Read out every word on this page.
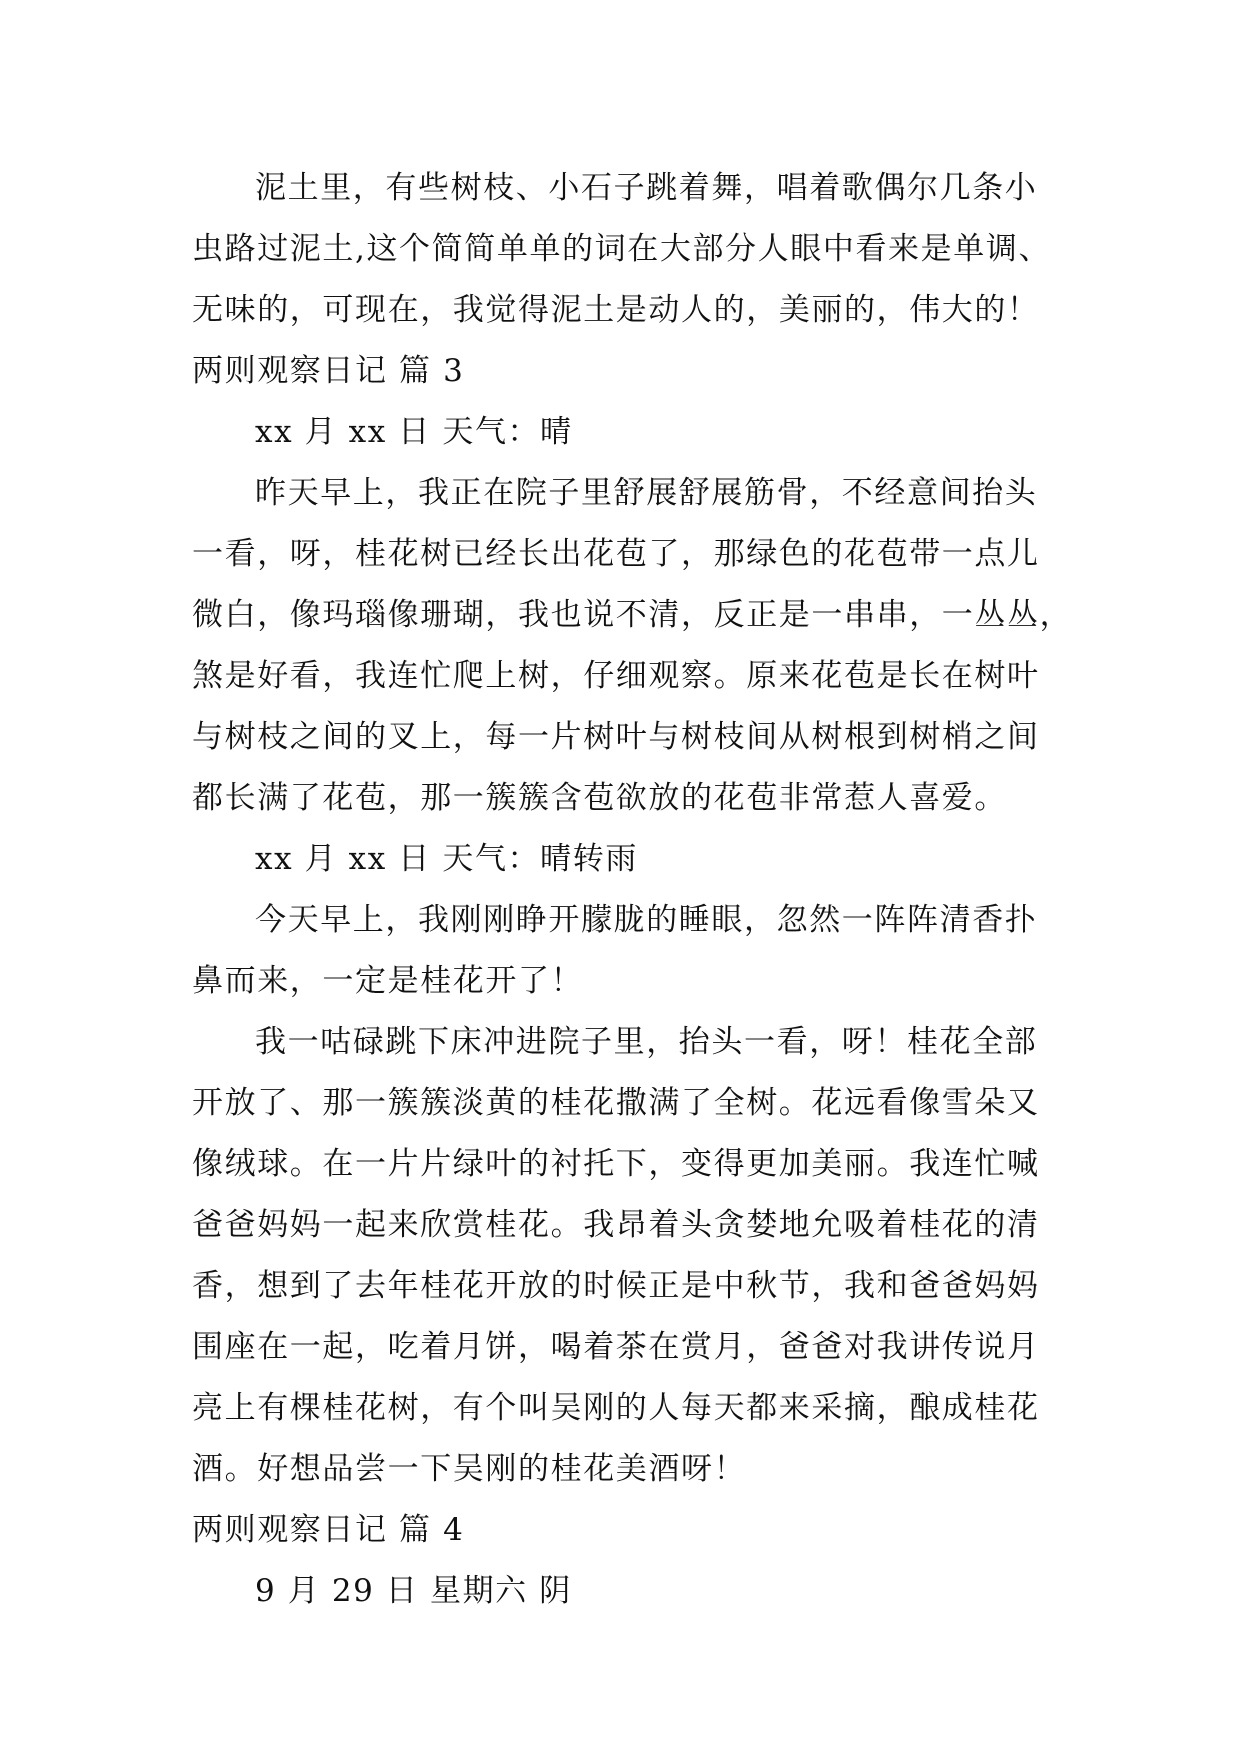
泥土里，有些树枝、小石子跳着舞，唱着歌偶尔几条小
虫路过泥土,这个简简单单的词在大部分人眼中看来是单调、
无味的，可现在，我觉得泥土是动人的，美丽的，伟大的！
两则观察日记 篇 3
xx 月 xx 日 天气：晴
昨天早上，我正在院子里舒展舒展筋骨，不经意间抬头
一看，呀，桂花树已经长出花苞了，那绿色的花苞带一点儿
微白，像玛瑙像珊瑚，我也说不清，反正是一串串，一丛丛，
煞是好看，我连忙爬上树，仔细观察。原来花苞是长在树叶
与树枝之间的叉上，每一片树叶与树枝间从树根到树梢之间
都长满了花苞，那一簇簇含苞欲放的花苞非常惹人喜爱。
xx 月 xx 日 天气：晴转雨
今天早上，我刚刚睁开朦胧的睡眼，忽然一阵阵清香扑
鼻而来，一定是桂花开了！
我一咕碌跳下床冲进院子里，抬头一看，呀！桂花全部
开放了、那一簇簇淡黄的桂花撒满了全树。花远看像雪朵又
像绒球。在一片片绿叶的衬托下，变得更加美丽。我连忙喊
爸爸妈妈一起来欣赏桂花。我昂着头贪婪地允吸着桂花的清
香，想到了去年桂花开放的时候正是中秋节，我和爸爸妈妈
围座在一起，吃着月饼，喝着茶在赏月，爸爸对我讲传说月
亮上有棵桂花树，有个叫吴刚的人每天都来采摘，酿成桂花
酒。好想品尝一下吴刚的桂花美酒呀！
两则观察日记 篇 4
9 月 29 日 星期六 阴
